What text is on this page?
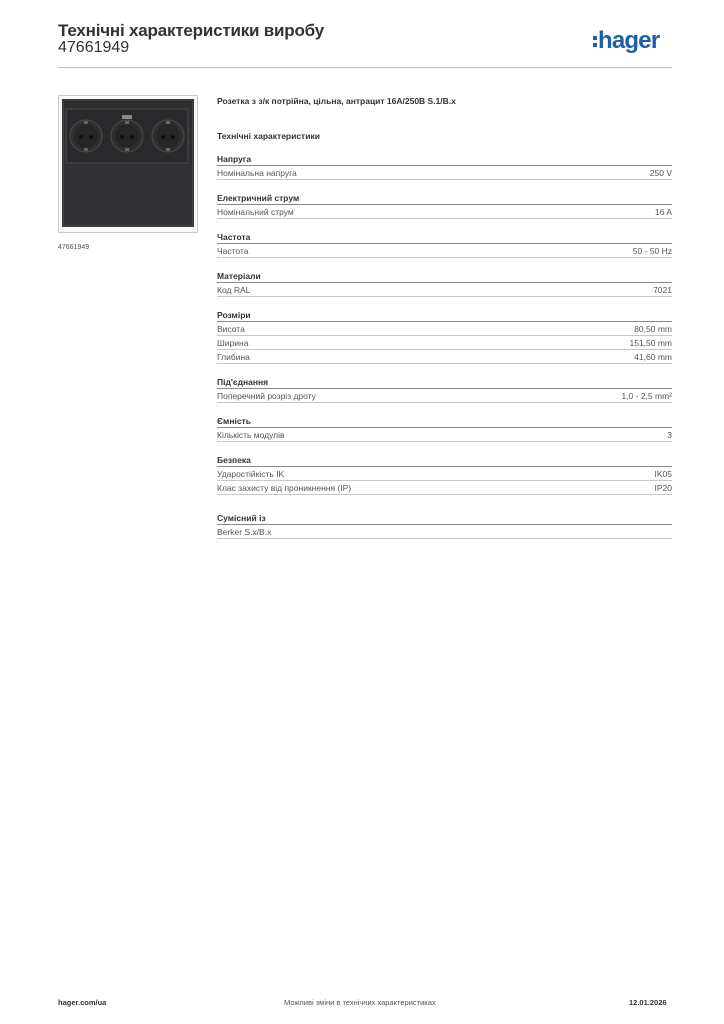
Технічні характеристики виробу
47661949	hager
47661949
Розетка з з/к потрійна, цільна, антрацит 16А/250В S.1/B.x
Технічні характеристики
Напруга
Номінальна напруга	250 V
Електричний струм
Номінальний струм	16 A
Частота
Частота	50 - 50 Hz
Матеріали
Код RAL	7021
Розміри
Висота	80,50 mm
Ширина	151,50 mm
Глибина	41,60 mm
Під'єднання
Поперечний розріз дроту	1,0 - 2,5 mm²
Ємність
Кількість модулів	3
Безпека
Ударостійкість IK	IK05
Клас захисту від проникнення (IP)	IP20
Сумісний із
Berker S.x/B.x
hager.com/ua	Можливі зміни в технічних характеристиках	12.01.2026
